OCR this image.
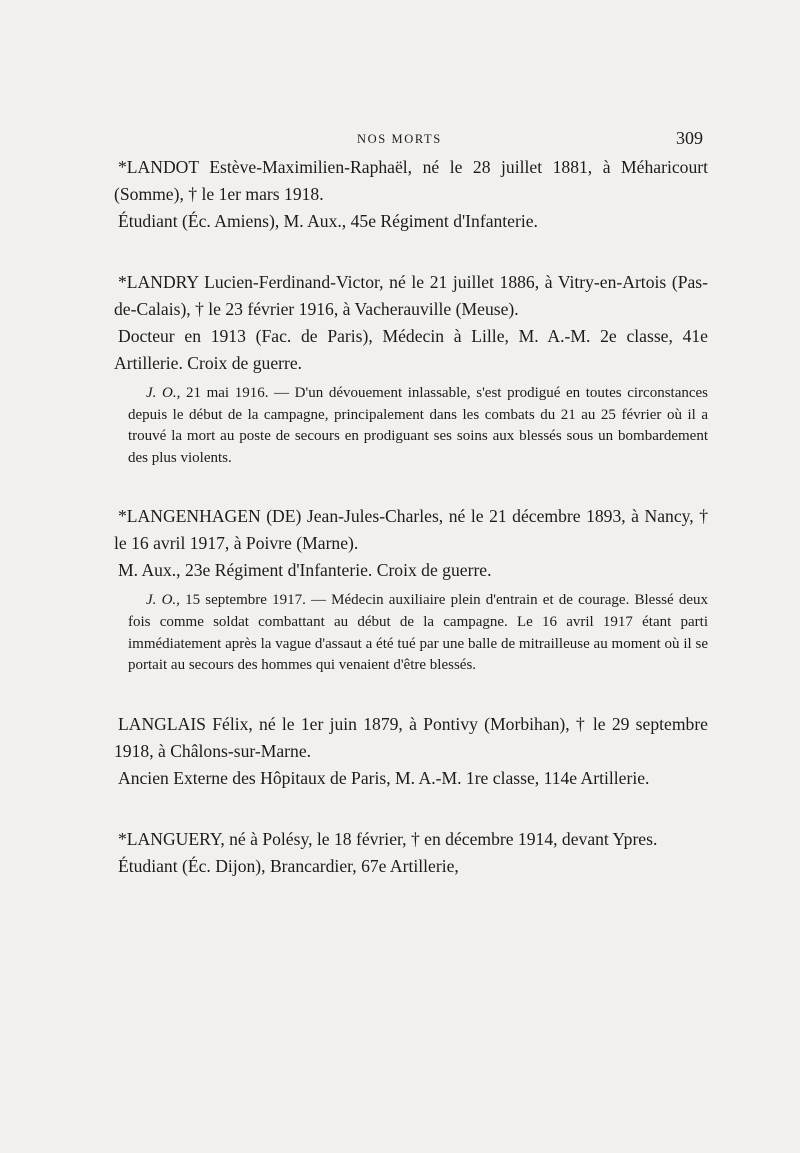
NOS MORTS	309

*LANDOT Estève-Maximilien-Raphaël, né le 28 juillet 1881, à Méharicourt (Somme), † le 1er mars 1918.

Étudiant (Éc. Amiens), M. Aux., 45e Régiment d'Infanterie.

*LANDRY Lucien-Ferdinand-Victor, né le 21 juillet 1886, à Vitry-en-Artois (Pas-de-Calais), † le 23 février 1916, à Vacherauville (Meuse).

Docteur en 1913 (Fac. de Paris), Médecin à Lille, M. A.-M. 2e classe, 41e Artillerie. Croix de guerre.

J. O., 21 mai 1916. — D'un dévouement inlassable, s'est prodigué en toutes circonstances depuis le début de la campagne, principalement dans les combats du 21 au 25 février où il a trouvé la mort au poste de secours en prodiguant ses soins aux blessés sous un bombardement des plus violents.

*LANGENHAGEN (DE) Jean-Jules-Charles, né le 21 décembre 1893, à Nancy, † le 16 avril 1917, à Poivre (Marne).

M. Aux., 23e Régiment d'Infanterie. Croix de guerre.

J. O., 15 septembre 1917. — Médecin auxiliaire plein d'entrain et de courage. Blessé deux fois comme soldat combattant au début de la campagne. Le 16 avril 1917 étant parti immédiatement après la vague d'assaut a été tué par une balle de mitrailleuse au moment où il se portait au secours des hommes qui venaient d'être blessés.

LANGLAIS Félix, né le 1er juin 1879, à Pontivy (Morbihan), † le 29 septembre 1918, à Châlons-sur-Marne.

Ancien Externe des Hôpitaux de Paris, M. A.-M. 1re classe, 114e Artillerie.

*LANGUERY, né à Polésy, le 18 février, † en décembre 1914, devant Ypres.

Étudiant (Éc. Dijon), Brancardier, 67e Artillerie,
